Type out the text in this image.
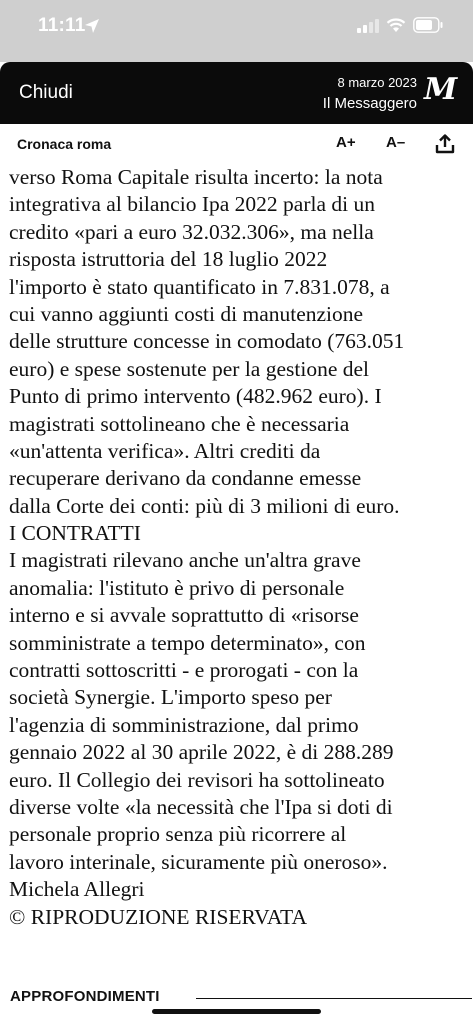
11:11
Chiudi	8 marzo 2023
Il Messaggero M
Cronaca roma	A+ A–
verso Roma Capitale risulta incerto: la nota
integrativa al bilancio Ipa 2022 parla di un
credito «pari a euro 32.032.306», ma nella
risposta istruttoria del 18 luglio 2022
l'importo è stato quantificato in 7.831.078, a
cui vanno aggiunti costi di manutenzione
delle strutture concesse in comodato (763.051
euro) e spese sostenute per la gestione del
Punto di primo intervento (482.962 euro). I
magistrati sottolineano che è necessaria
«un'attenta verifica». Altri crediti da
recuperare derivano da condanne emesse
dalla Corte dei conti: più di 3 milioni di euro.
I CONTRATTI
I magistrati rilevano anche un'altra grave
anomalia: l'istituto è privo di personale
interno e si avvale soprattutto di «risorse
somministrate a tempo determinato», con
contratti sottoscritti - e prorogati - con la
società Synergie. L'importo speso per
l'agenzia di somministrazione, dal primo
gennaio 2022 al 30 aprile 2022, è di 288.289
euro. Il Collegio dei revisori ha sottolineato
diverse volte «la necessità che l'Ipa si doti di
personale proprio senza più ricorrere al
lavoro interinale, sicuramente più oneroso».
Michela Allegri
© RIPRODUZIONE RISERVATA
APPROFONDIMENTI
